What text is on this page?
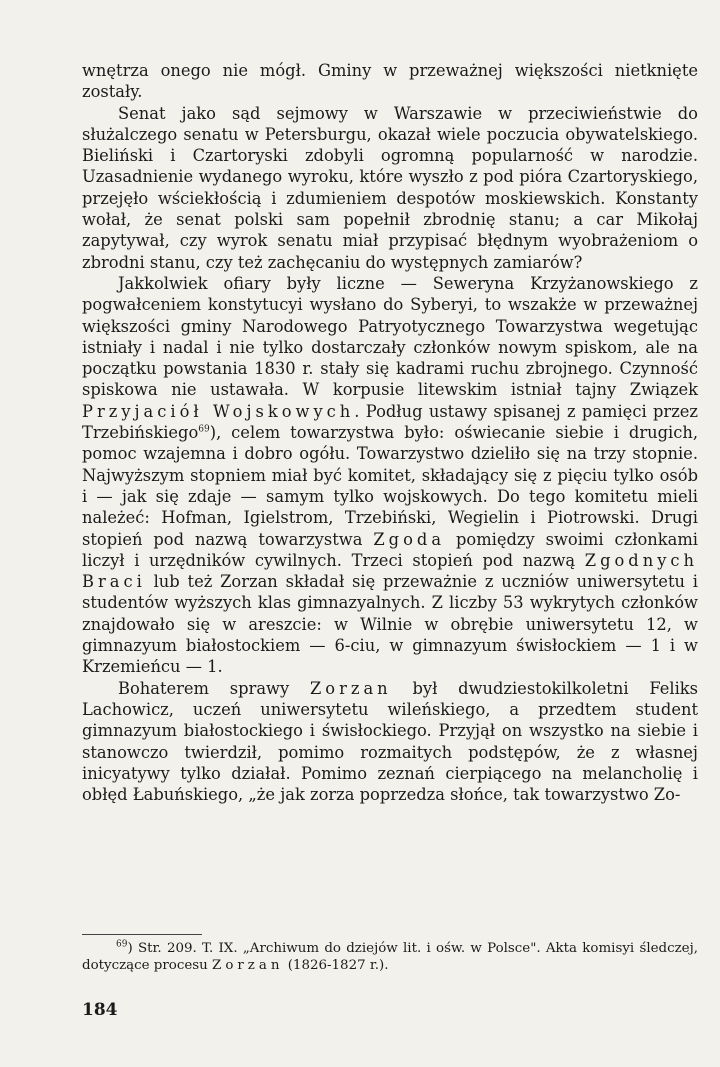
wnętrza onego nie mógł. Gminy w przeważnej większości nietknięte zostały.

Senat jako sąd sejmowy w Warszawie w przeciwieństwie do służalczego senatu w Petersburgu, okazał wiele poczucia obywatelskiego. Bieliński i Czartoryski zdobyli ogromną popularność w narodzie. Uzasadnienie wydanego wyroku, które wyszło z pod pióra Czartoryskiego, przejęło wściekłością i zdumieniem despotów moskiewskich. Konstanty wołał, że senat polski sam popełnił zbrodnię stanu; a car Mikołaj zapytywał, czy wyrok senatu miał przypisać błędnym wyobrażeniom o zbrodni stanu, czy też zachęcaniu do występnych zamiarów?

Jakkolwiek ofiary były liczne — Seweryna Krzyżanowskiego z pogwałceniem konstytucyi wysłano do Syberyi, to wszakże w przeważnej większości gminy Narodowego Patryotycznego Towarzystwa wegetując istniały i nadal i nie tylko dostarczały członków nowym spiskom, ale na początku powstania 1830 r. stały się kadrami ruchu zbrojnego. Czynność spiskowa nie ustawała. W korpusie litewskim istniał tajny Związek Przyjaciół Wojskowych. Podług ustawy spisanej z pamięci przez Trzebińskiego$^{69}$), celem towarzystwa było: oświecanie siebie i drugich, pomoc wzajemna i dobro ogółu. Towarzystwo dzieliło się na trzy stopnie. Najwyższym stopniem miał być komitet, składający się z pięciu tylko osób i — jak się zdaje — samym tylko wojskowych. Do tego komitetu mieli należeć: Hofman, Igielstrom, Trzebiński, Wegielin i Piotrowski. Drugi stopień pod nazwą towarzystwa Zgoda pomiędzy swoimi członkami liczył i urzędników cywilnych. Trzeci stopień pod nazwą Zgodnych Braci lub też Zorzan składał się przeważnie z uczniów uniwersytetu i studentów wyższych klas gimnazyalnych. Z liczby 53 wykrytych członków znajdowało się w areszcie: w Wilnie w obrębie uniwersytetu 12, w gimnazyum białostockiem — 6-ciu, w gimnazyum świsłockiem — 1 i w Krzemieńcu — 1.

Bohaterem sprawy Zorzan był dwudziestokilkoletni Feliks Lachowicz, uczeń uniwersytetu wileńskiego, a przedtem student gimnazyum białostockiego i świsłockiego. Przyjął on wszystko na siebie i stanowczo twierdził, pomimo rozmaitych podstępów, że z własnej inicyatywy tylko działał. Pomimo zeznań cierpiącego na melancholię i obłęd Łabuńskiego, „że jak zorza poprzedza słońce, tak towarzystwo Zo-

$^{69}$) Str. 209. T. IX. „Archiwum do dziejów lit. i ośw. w Polsce". Akta komisyi śledczej, dotyczące procesu Zorzan (1826-1827 r.).

184
